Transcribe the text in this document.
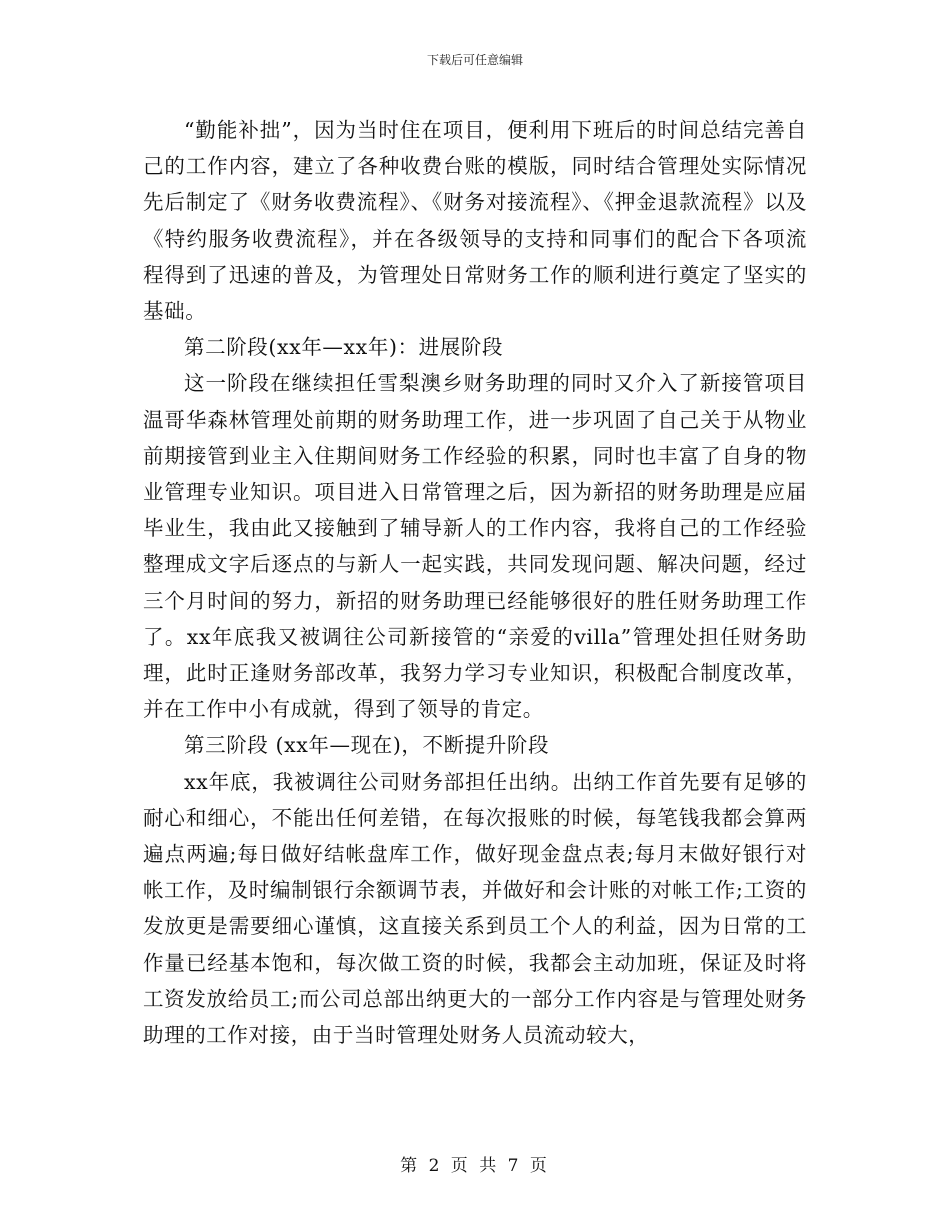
下载后可任意编辑

“勤能补拙”，因为当时住在项目，便利用下班后的时间总结完善自己的工作内容，建立了各种收费台账的模版，同时结合管理处实际情况先后制定了《财务收费流程》、《财务对接流程》、《押金退款流程》以及《特约服务收费流程》，并在各级领导的支持和同事们的配合下各项流程得到了迅速的普及，为管理处日常财务工作的顺利进行奠定了坚实的基础。

第二阶段(xx年—xx年)：进展阶段

这一阶段在继续担任雪梨澳乡财务助理的同时又介入了新接管项目温哥华森林管理处前期的财务助理工作，进一步巩固了自己关于从物业前期接管到业主入住期间财务工作经验的积累，同时也丰富了自身的物业管理专业知识。项目进入日常管理之后，因为新招的财务助理是应届毕业生，我由此又接触到了辅导新人的工作内容，我将自己的工作经验整理成文字后逐点的与新人一起实践，共同发现问题、解决问题，经过三个月时间的努力，新招的财务助理已经能够很好的胜任财务助理工作了。xx年底我又被调往公司新接管的“亲爱的villa”管理处担任财务助理，此时正逢财务部改革，我努力学习专业知识，积极配合制度改革，并在工作中小有成就，得到了领导的肯定。

第三阶段 (xx年—现在)，不断提升阶段

xx年底，我被调往公司财务部担任出纳。出纳工作首先要有足够的耐心和细心，不能出任何差错，在每次报账的时候，每笔钱我都会算两遍点两遍;每日做好结帐盘库工作，做好现金盘点表;每月末做好银行对帐工作，及时编制银行余额调节表，并做好和会计账的对帐工作;工资的发放更是需要细心谨慎，这直接关系到员工个人的利益，因为日常的工作量已经基本饱和，每次做工资的时候，我都会主动加班，保证及时将工资发放给员工;而公司总部出纳更大的一部分工作内容是与管理处财务助理的工作对接，由于当时管理处财务人员流动较大，

第 2 页 共 7 页
